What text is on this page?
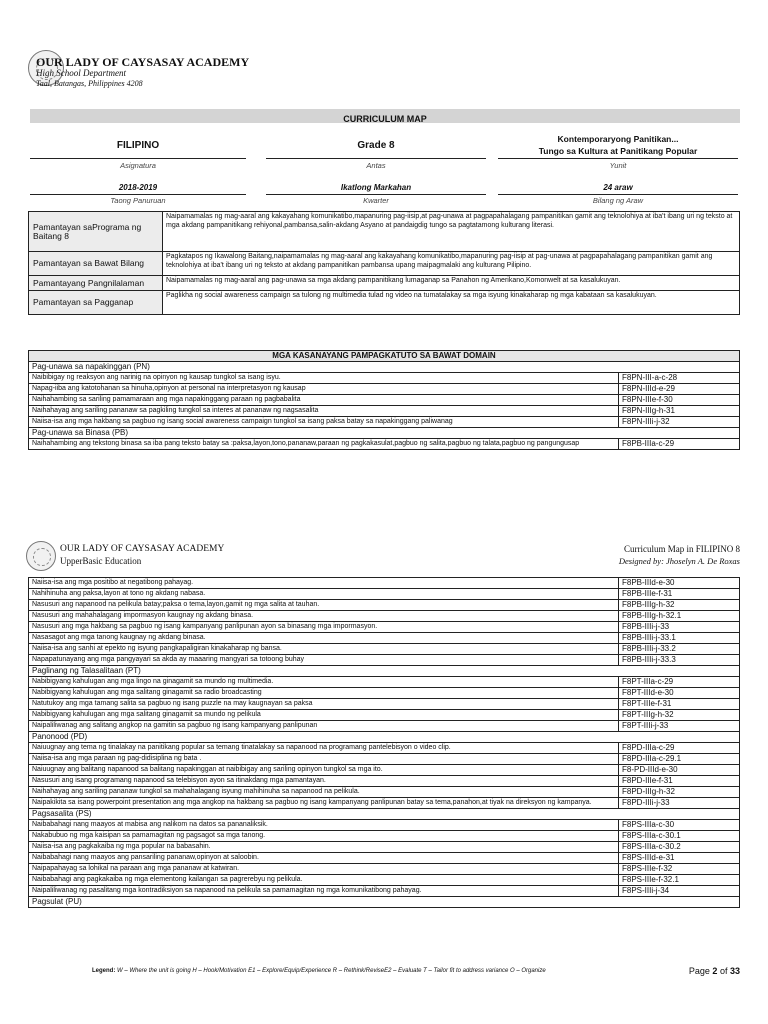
OUR LADY OF CAYSASAY ACADEMY
High School Department
Taal, Batangas, Philippines 4208
CURRICULUM MAP
FILIPINO
Asignatura
Grade 8
Antas
Kontemporaryong Panitikan...
Tungo sa Kultura at Panitikang Popular
Yunit
2018-2019
Taong Panuruan
Ikatlong Markahan
Kwarter
24 araw
Bilang ng Araw
Pamantayan saPrograma ng Baitang 8	Naipamamalas ng mag-aaral ang kakayahang komunikatibo,mapanuring pag-iisip,at pag-unawa at pagpapahalagang pampanitikan gamit ang teknolohiya at iba't ibang uri ng teksto at mga akdang pampanitikang rehiyonal,pambansa,salin-akdang Asyano at pandaigdig tungo sa pagtatamong kulturang literasi.
Pamantayan sa Bawat Bilang	Pagkatapos ng Ikawalong Baitang,naipamamalas ng mag-aaral ang kakayahang komunikatibo,mapanuring pag-iisip at pag-unawa at pagpapahalagang pampanitikan gamit ang teknolohiya at iba't ibang uri ng teksto at akdang pampanitikan pambansa upang maipagmalaki ang kulturang Pilipino.
Pamantayang Pangnilalaman	Naipamamalas ng mag-aaral ang pag-unawa sa mga akdang pampanitikang lumaganap sa Panahon ng Amerikano,Komonwelt at sa kasalukuyan.
Pamantayan sa Pagganap	Paglikha ng social awareness campaign sa tulong ng multimedia tulad ng video na tumatalakay sa mga isyung kinakaharap ng mga kabataan sa kasalukuyan.
MGA KASANAYANG PAMPAGKATUTO SA BAWAT DOMAIN	
Pag-unawa sa napakinggan (PN)	
Naibibigay ng reaksyon ang narinig na opinyon ng kausap tungkol sa isang isyu.	F8PN-III-a-c-28
Napag-iiba ang katotohanan sa hinuha,opinyon at personal na interpretasyon ng kausap	F8PN-IIId-e-29
Naihahambing sa sariling pamamaraan ang mga napakinggang paraan ng pagbabalita	F8PN-IIIe-f-30
Naihahayag ang sariling pananaw sa pagkiling tungkol sa interes at pananaw ng nagsasalita	F8PN-IIIg-h-31
Naiisa-isa ang mga hakbang sa pagbuo ng isang social awareness campaign tungkol sa isang paksa batay sa napakinggang paliwanag	F8PN-IIIi-j-32
Pag-unawa sa Binasa (PB)	
Naihahambing ang tekstong binasa sa iba pang teksto batay sa :paksa,layon,tono,pananaw,paraan ng pagkakasulat,pagbuo ng salita,pagbuo ng talata,pagbuo ng pangungusap	F8PB-IIIa-c-29
OUR LADY OF CAYSASAY ACADEMY
UpperBasic Education
Curriculum Map in FILIPINO 8
Designed by: Jhoselyn A. De Roxas
Naiisa-isa ang mga positibo at negatibong pahayag.	F8PB-IIId-e-30
Nahihinuha ang paksa,layon at tono ng akdang nabasa.	F8PB-IIIe-f-31
Nasusuri ang napanood na pelikula batay;paksa o tema,layon,gamit ng mga salita at tauhan.	F8PB-IIIg-h-32
Nasusuri ang mahahalagang impormasyon kaugnay ng akdang binasa.	F8PB-IIIg-h-32.1
Nasusuri ang mga hakbang sa pagbuo ng isang kampanyang panlipunan ayon sa binasang mga impormasyon.	F8PB-IIIi-j-33
Nasasagot ang mga tanong kaugnay ng akdang binasa.	F8PB-IIIi-j-33.1
Naiisa-isa ang sanhi at epekto ng isyung pangkapaligiran kinakaharap ng bansa.	F8PB-IIIi-j-33.2
Napapatunayang ang mga pangyayari sa akda ay maaaring mangyari sa totoong buhay	F8PB-IIIi-j-33.3
Paglinang ng Talasalitaan (PT)	
Nabibigyang kahulugan ang mga lingo na ginagamit sa mundo ng multimedia.	F8PT-IIIa-c-29
Nabibigyang kahulugan ang mga salitang ginagamit sa radio broadcasting	F8PT-IIId-e-30
Natutukoy ang mga tamang salita sa pagbuo ng isang puzzle na may kaugnayan sa paksa	F8PT-IIIe-f-31
Nabibigyang kahulugan ang mga salitang ginagamit sa mundo ng pelikula	F8PT-IIIg-h-32
Naipaliliwanag ang salitang angkop na gamitin sa pagbuo ng isang kampanyang panlipunan	F8PT-IIIi-j-33
Panonood (PD)	
Naiuugnay ang tema ng tinalakay na panitikang popular sa temang tinatalakay sa napanood na programang pantelebisyon o video clip.	F8PD-IIIa-c-29
Naiisa-isa ang mga paraan ng pag-didisiplina ng bata .	F8PD-IIIa-c-29.1
Naiuugnay ang balitang napanood sa balitang napakinggan at naibibigay ang sariling opinyon tungkol sa mga ito.	F8-PD-IIId-e-30
Nasusuri ang isang programang napanood sa telebisyon ayon sa itinakdang mga pamantayan.	F8PD-IIIe-f-31
Naihahayag ang sariling pananaw tungkol sa mahahalagang isyung mahihinuha sa napanood na pelikula.	F8PD-IIIg-h-32
Naipakikita sa isang powerpoint presentation ang mga angkop na hakbang sa pagbuo ng isang kampanyang panlipunan batay sa tema,panahon,at tiyak na direksyon ng kampanya.	F8PD-IIIi-j-33
Pagsasalita (PS)	
Naibabahagi nang maayos at mabisa ang nalikom na datos sa pananaliksik.	F8PS-IIIa-c-30
Nakabubuo ng mga kaisipan sa pamamagitan ng pagsagot sa mga tanong.	F8PS-IIIa-c-30.1
Naiisa-isa ang pagkakaiba ng mga popular na babasahin.	F8PS-IIIa-c-30.2
Naibabahagi nang maayos ang pansariling pananaw,opinyon at saloobin.	F8PS-IIId-e-31
Naipapahayag sa lohikal na paraan ang mga pananaw at katwiran.	F8PS-IIIe-f-32
Naibabahagi ang pagkakaiba ng mga elementong kailangan sa pagrerebyu ng pelikula.	F8PS-IIIe-f-32.1
Naipaliliwanag ng pasalitang mga kontradiksiyon sa napanood na pelikula sa pamamagitan ng mga komunikatibong pahayag.	F8PS-IIIi-j-34
Pagsulat (PU)	
Legend: W – Where the unit is going H – Hook/Motivation E1 – Explore/Equip/Experience R – Rethink/ReviseE2 – Evaluate T – Tailor fit to address variance O – Organize	Page 2 of 33
